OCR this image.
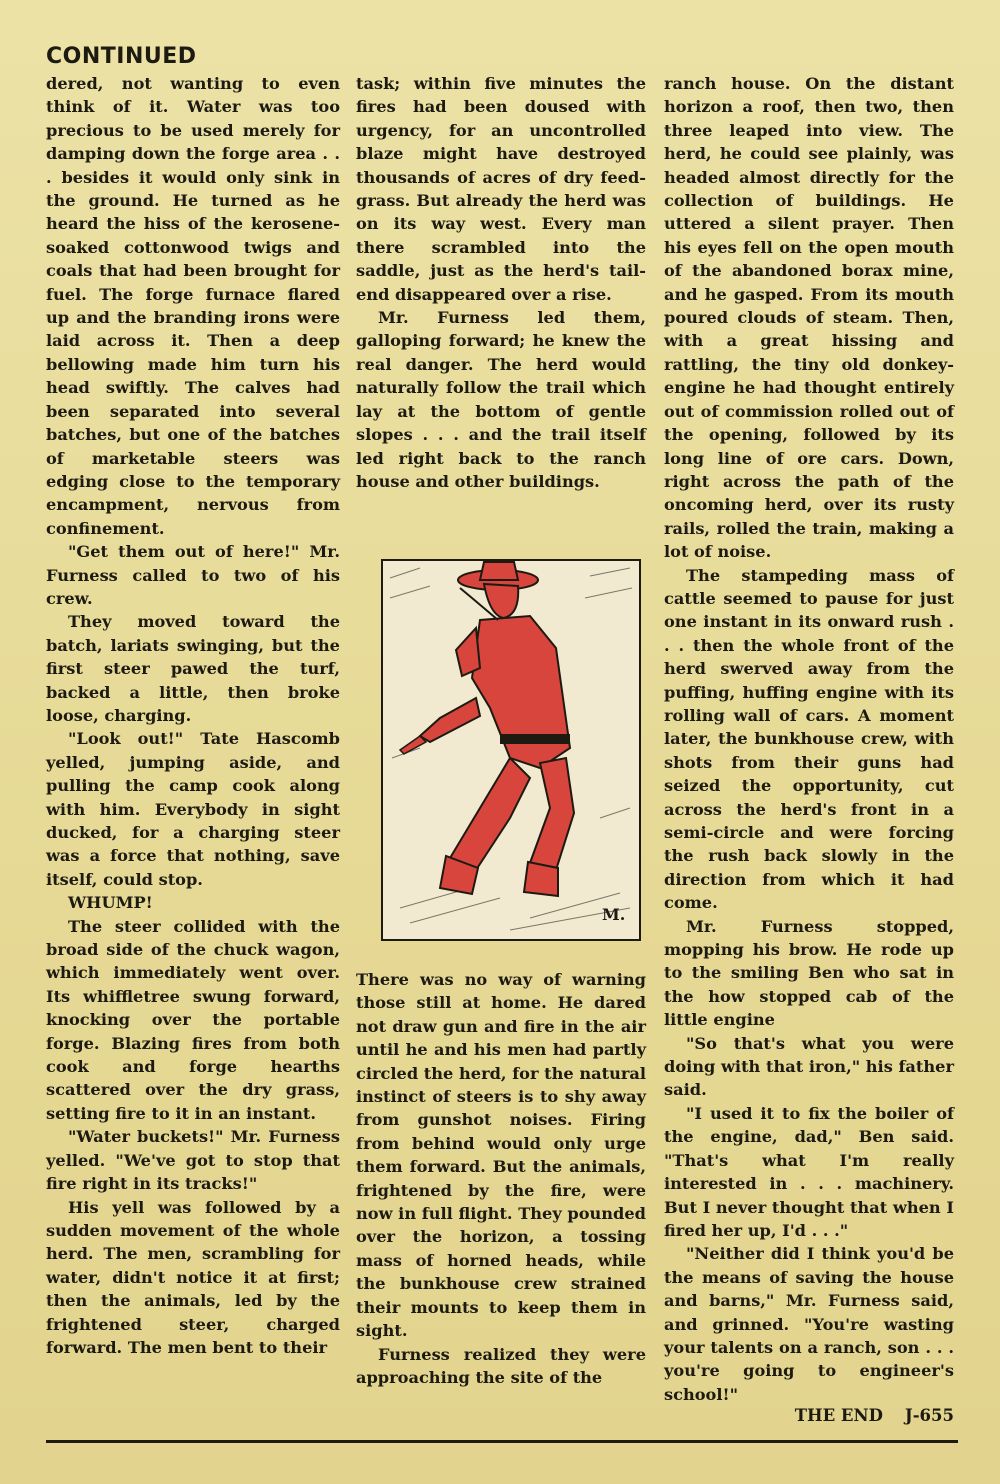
CONTINUED

dered, not wanting to even think of it. Water was too precious to be used merely for damping down the forge area . . . besides it would only sink in the ground. He turned as he heard the hiss of the kerosene-soaked cottonwood twigs and coals that had been brought for fuel. The forge furnace flared up and the branding irons were laid across it. Then a deep bellowing made him turn his head swiftly. The calves had been separated into several batches, but one of the batches of marketable steers was edging close to the temporary encampment, nervous from confinement.

"Get them out of here!" Mr. Furness called to two of his crew.

They moved toward the batch, lariats swinging, but the first steer pawed the turf, backed a little, then broke loose, charging.

"Look out!" Tate Hascomb yelled, jumping aside, and pulling the camp cook along with him. Everybody in sight ducked, for a charging steer was a force that nothing, save itself, could stop.

WHUMP!

The steer collided with the broad side of the chuck wagon, which immediately went over. Its whiffletree swung forward, knocking over the portable forge. Blazing fires from both cook and forge hearths scattered over the dry grass, setting fire to it in an instant.

"Water buckets!" Mr. Furness yelled. "We've got to stop that fire right in its tracks!"

His yell was followed by a sudden movement of the whole herd. The men, scrambling for water, didn't notice it at first; then the animals, led by the frightened steer, charged forward. The men bent to their

task; within five minutes the fires had been doused with urgency, for an uncontrolled blaze might have destroyed thousands of acres of dry feed-grass. But already the herd was on its way west. Every man there scrambled into the saddle, just as the herd's tail-end disappeared over a rise.

Mr. Furness led them, galloping forward; he knew the real danger. The herd would naturally follow the trail which lay at the bottom of gentle slopes . . . and the trail itself led right back to the ranch house and other buildings.

M.

There was no way of warning those still at home. He dared not draw gun and fire in the air until he and his men had partly circled the herd, for the natural instinct of steers is to shy away from gunshot noises. Firing from behind would only urge them forward. But the animals, frightened by the fire, were now in full flight. They pounded over the horizon, a tossing mass of horned heads, while the bunkhouse crew strained their mounts to keep them in sight.

Furness realized they were approaching the site of the

ranch house. On the distant horizon a roof, then two, then three leaped into view. The herd, he could see plainly, was headed almost directly for the collection of buildings. He uttered a silent prayer. Then his eyes fell on the open mouth of the abandoned borax mine, and he gasped. From its mouth poured clouds of steam. Then, with a great hissing and rattling, the tiny old donkey-engine he had thought entirely out of commission rolled out of the opening, followed by its long line of ore cars. Down, right across the path of the oncoming herd, over its rusty rails, rolled the train, making a lot of noise.

The stampeding mass of cattle seemed to pause for just one instant in its onward rush . . . then the whole front of the herd swerved away from the puffing, huffing engine with its rolling wall of cars. A moment later, the bunkhouse crew, with shots from their guns had seized the opportunity, cut across the herd's front in a semi-circle and were forcing the rush back slowly in the direction from which it had come.

Mr. Furness stopped, mopping his brow. He rode up to the smiling Ben who sat in the how stopped cab of the little engine

"So that's what you were doing with that iron," his father said.

"I used it to fix the boiler of the engine, dad," Ben said. "That's what I'm really interested in . . . machinery. But I never thought that when I fired her up, I'd . . ."

"Neither did I think you'd be the means of saving the house and barns," Mr. Furness said, and grinned. "You're wasting your talents on a ranch, son . . . you're going to engineer's school!"

THE END J-655
